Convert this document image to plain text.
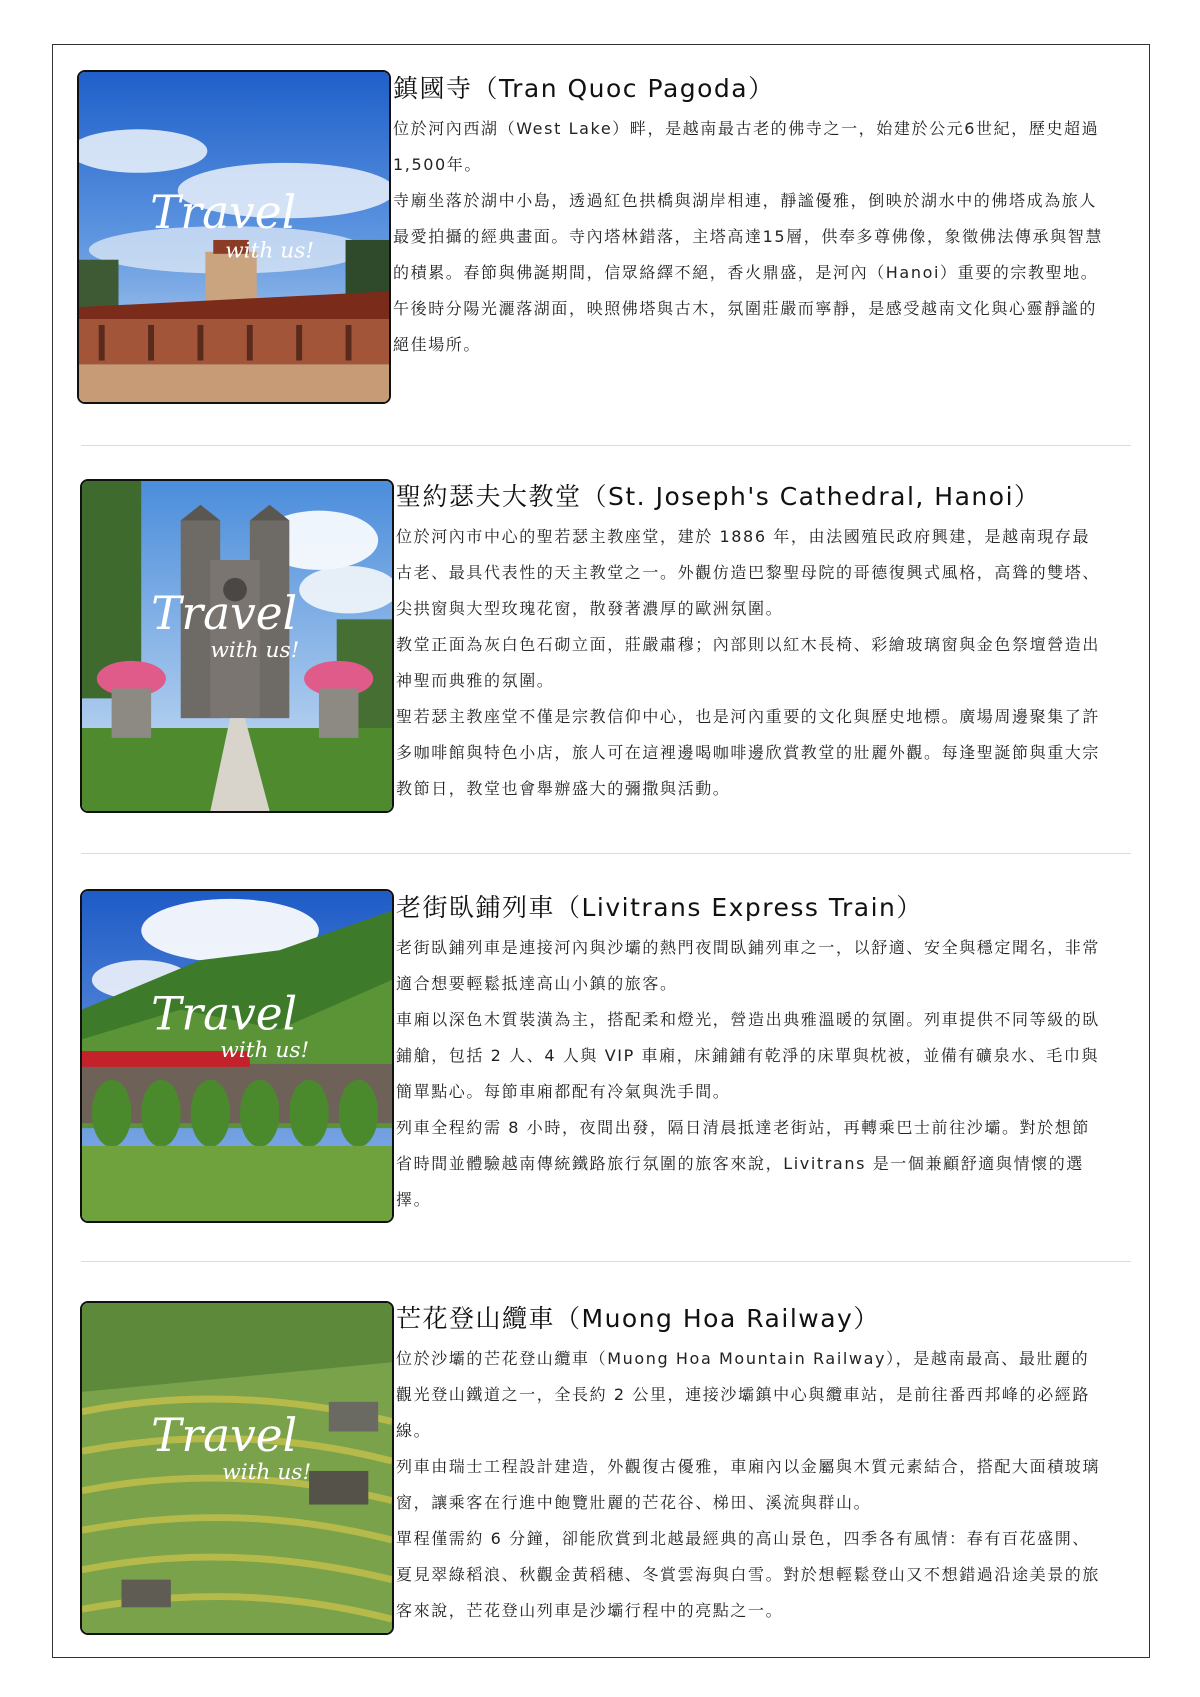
Travel
with us!
鎮國寺（Tran Quoc Pagoda）

位於河內西湖（West Lake）畔，是越南最古老的佛寺之一，始建於公元6世紀，歷史超過1,500年。

寺廟坐落於湖中小島，透過紅色拱橋與湖岸相連，靜謐優雅，倒映於湖水中的佛塔成為旅人最愛拍攝的經典畫面。寺內塔林錯落，主塔高達15層，供奉多尊佛像，象徵佛法傳承與智慧的積累。春節與佛誕期間，信眾絡繹不絕，香火鼎盛，是河內（Hanoi）重要的宗教聖地。

午後時分陽光灑落湖面，映照佛塔與古木，氛圍莊嚴而寧靜，是感受越南文化與心靈靜謐的絕佳場所。

Travel
with us!
聖約瑟夫大教堂（St. Joseph's Cathedral, Hanoi）

位於河內市中心的聖若瑟主教座堂，建於 1886 年，由法國殖民政府興建，是越南現存最古老、最具代表性的天主教堂之一。外觀仿造巴黎聖母院的哥德復興式風格，高聳的雙塔、尖拱窗與大型玫瑰花窗，散發著濃厚的歐洲氛圍。

教堂正面為灰白色石砌立面，莊嚴肅穆；內部則以紅木長椅、彩繪玻璃窗與金色祭壇營造出神聖而典雅的氛圍。

聖若瑟主教座堂不僅是宗教信仰中心，也是河內重要的文化與歷史地標。廣場周邊聚集了許多咖啡館與特色小店，旅人可在這裡邊喝咖啡邊欣賞教堂的壯麗外觀。每逢聖誕節與重大宗教節日，教堂也會舉辦盛大的彌撒與活動。

Travel
with us!
老街臥鋪列車（Livitrans Express Train）

老街臥鋪列車是連接河內與沙壩的熱門夜間臥鋪列車之一，以舒適、安全與穩定聞名，非常適合想要輕鬆抵達高山小鎮的旅客。

車廂以深色木質裝潢為主，搭配柔和燈光，營造出典雅溫暖的氛圍。列車提供不同等級的臥鋪艙，包括 2 人、4 人與 VIP 車廂，床鋪鋪有乾淨的床單與枕被，並備有礦泉水、毛巾與簡單點心。每節車廂都配有冷氣與洗手間。

列車全程約需 8 小時，夜間出發，隔日清晨抵達老街站，再轉乘巴士前往沙壩。對於想節省時間並體驗越南傳統鐵路旅行氛圍的旅客來說，Livitrans 是一個兼顧舒適與情懷的選擇。

Travel
with us!
芒花登山纜車（Muong Hoa Railway）

位於沙壩的芒花登山纜車（Muong Hoa Mountain Railway），是越南最高、最壯麗的觀光登山鐵道之一，全長約 2 公里，連接沙壩鎮中心與纜車站，是前往番西邦峰的必經路線。

列車由瑞士工程設計建造，外觀復古優雅，車廂內以金屬與木質元素結合，搭配大面積玻璃窗，讓乘客在行進中飽覽壯麗的芒花谷、梯田、溪流與群山。

單程僅需約 6 分鐘，卻能欣賞到北越最經典的高山景色，四季各有風情：春有百花盛開、夏見翠綠稻浪、秋觀金黃稻穗、冬賞雲海與白雪。對於想輕鬆登山又不想錯過沿途美景的旅客來說，芒花登山列車是沙壩行程中的亮點之一。
